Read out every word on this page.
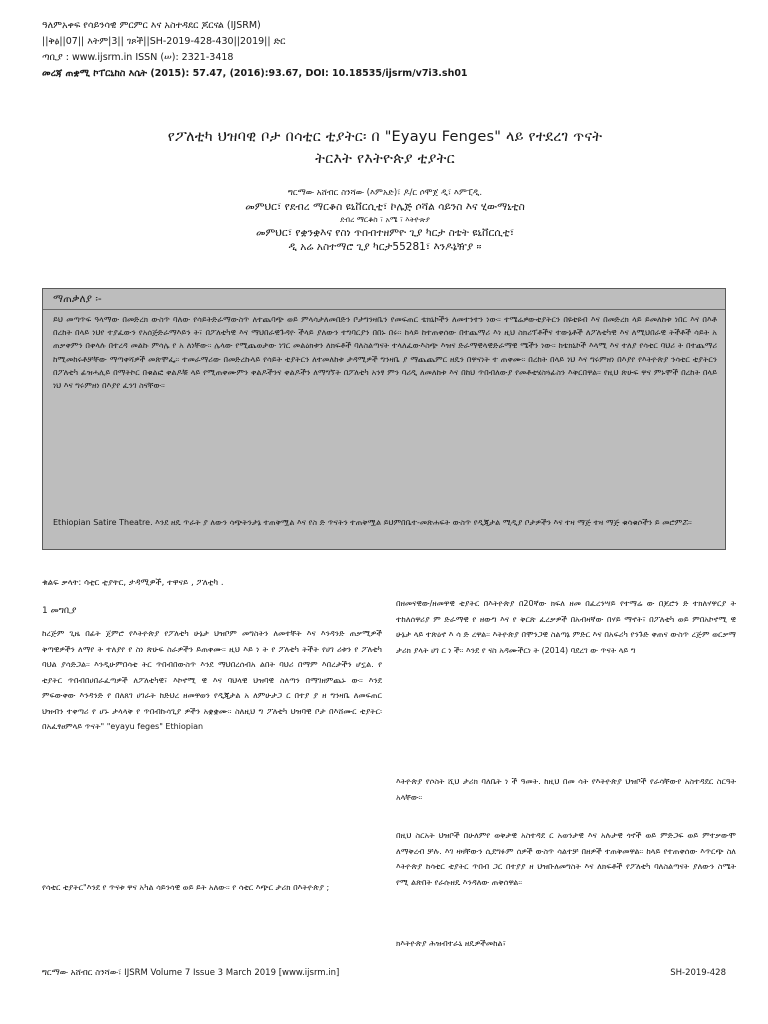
ዓለምአቀፍ የሳይንሳዊ ምርምር እና አስተዳደር ጆርናል (IJSRM)
||ቅፅ||07|| እትም|3|| ገጾች||SH-2019-428-430||2019|| ድር
ጣቢያ : www.ijsrm.in ISSN (ሠ): 2321-3418
መረጃ ጠቋሚ ኮፐርኒከስ እሴት (2015): 57.47, (2016):93.67, DOI: 10.18535/ijsrm/v7i3.sh01
የፖለቲካ ህዝባዊ ቦታ በሳቲር ቲያትር፡ በ "Eyayu Fenges" ላይ የተደረገ ጥናት
ትርእት የእትዮጵያ ቲያትር
ግርማው አሸብር ስንሻው (እምአድ)፣ ዶ/ር ሶሞጀ ዲ፣ እምፒዲ.
መምህር፣ የደብረ ማርቆስ ዩኒቨርሲቲ፣ ኮሌጅ ሶሻል ሳይንስ እና ሂውማኒቲስ
ደብረ ማርቆስ ፣ አሜ ፣ እትዮጵያ
መምህር፣ የቋንቋእና የስነ ጥበብተዘምዮ ጊያ ካርታ ስቴት ዩኒቨርሲቲ፣
ዲ አሬ አስተማሮ ጊያ ካርታ55281፣ እንዶኔዥያ ።
ማጠቃለያ ፡-
ይህ መጣጥፍ ዓላማው በመድረክ ውስጥ ባለው የሳይትድራማውስጥ ለተጨባጭ ወይ ምላሳታለመበድን ቦታግንዛቤን የመፍጠር ቴክኒኮችን ለመተንተን ነው። ተሜሬዎውቲያትርን በዩቲዩብ እና በመድረክ ላይ ይመለከቱ ነበር እና በእቶ በረከት በላይ ነህየ ተያፈውን የአሰጅድራማእይን ት፣ በፖለቲካዊ እና ማህበራዊጉዳዮ ችላይ ያለውን ተግባርያን በበኑ በሩ። ከላይ ከተጠቀሰው በተጨማሪ እነ ዚህ ስክሪፕቶችና ተውኔቶች ለፖለቲካዊ እና ለሚህበራዊ ትችቶች ሳይት አ ጠቃቀምን በቀላሉ በተረዳ መልኩ ምሳሌ የ አ ለነቸው። ሌላው የሚጨወታው ነገር መልዕክቱን ለክፍቶች ባለስልጣናት ተላለፈውእስጭ እዝና ድራማዊላዊድራማዊ ሜችን ነው። ከቴክኒኮች እላሚ እና ተለያ የሳቲር ባህሪ ት በተጨማሪ ከሚመከሩቶቻቸው ማጣቀሻዎች መጽሞፌ። ተመራማሪው በመድረኩላይ የሳይት ቲያትርን ለተመለከቱ ታዳሚዎች ግንዛቤ ያ ማጨጨምር ዘዴን በዋናነት ተ ጠቀሙ። በረከት በላይ ነህ እና ግሩምዘነ በእያየ የእትዮጵያ ንሳቲር ቲያትርን በፖለቲካ ፊዝሓሊይ በማትኮር በቁልፎ ቀልዶቹ ላይ የሚጠቀሙምን ቀልዶችንና ቀልዶችን ለማግኘት በፖለቲካ አንፃ ምን ባሪዲ ለመለከቱ እና በከህ ጥበብለውያ የመቶቲሄስጓፊስን እቅርበዋል። የዚህ ጽሁፍ ዋና ምኑሞች በረከት በላይ ነህ እና ግሩምዘነ በእያየ ፈንገ ስናቸው።
Ethiopian Satire Theatre. እንደ ዘዴ ጥራት ያ ለውን ሳጭትንታኔ ተጠቅሟል እና የስ ድ ጥናትን ተጠቅሟል ይህምበቤተ-መጽሐፍት ውስጥ የዲጂታል ሚዲያ ቦታዎችን እና ተዛ ማጅ ተዛ ማጅ ቁሳቁሶችን ይ መሮምሯ።
ቁልፍ ቃላት: ሳቲር ቲያትር, ታዳሚዎች, ተዋናይ , ፖለቲካ .
1 መግቢያ
ከረጅም ጊዜ በፊት ጀምሮ የእትዮጵያ የፖለቲካ ሁኔታ ህዝቦም መግስትን ለመተቸት እና እንዳንድ ጠቃሚዎች ቅጣዊዎችን ለማየ ት ተለያየ የ ስነ ጽሁፍ ስራዎችን ይጠቀሙ። ዚህ እይ ነ ት የ ፖለቲካ ትችት የሀገ ሪቱን የ ፖለቲካ ባህል ያሳድጋል። እንዲሁምበሳቲ ትር ጥበብበውስጥ እንደ ማህበረሰብአ ልበት ባህሪ በማም እበረታችን ሆኗል. የ ቲያትር ጥበብበሀበራፈጣዎች ለፖለቲካዊ፣ እኮኖሚ ዊ እና ባህላዊ ህዝባዊ ስለጣን በማገዘምጨኑ ው። እንደ ምፍውቀው እንዳንድ የ በለጸገ ሀገራት ከድህረ ዘመዋወን የዲጂታል አ ለምሁታጋ ር በተያ ያ ዘ ግንዛቤ ለመፍጠር ህዝብን ተቀጣሪ የ ሆኑ ታላላቅ የ ጥበብኩሳጊያ ዎችን አቋቋሙ። ስለዚህ ግ ፖለቲካ ህዝባዊ ቦታ በእሸሙር ቲያትር፡ በአፈፃፀምላይ ጥናት" "eyayu feges" Ethiopian
የሳቲር ቲያትር"እንደ የ ጥናቱ ዋና አካል ሳይንሳዊ ወይ ይት አለው። የ ሳቲር እጭር ታሪክ በእትዮጵያ ;
በዘመናዊው/ዘመዋዊ ቲያትር በእትዮጵያ በ20ኛው ክፍለ ዘመ በፈረንሣይ የተማሬ ው በጆሮን ድ ተክለሃዋርያ ት ተከለሰዋሪያ ም ድራማዊ የ ዘውግ እና የ ቅርጽ ፈረቃዎች በአብዛኛው በሃይ ማኖት፣ በፖለቲካ ወይ ምበአኮኖሚ ዊ ሁኔታ ላይ ተጽዕኖ እ ሳ ድ ረዋል። እትዮጵያ በሞንጋዊ ስልጣኔ ምድር እና በአፍሪካ የንጉድ ቀጠና ውስጥ ረጅም ወርቃማ ታሪክ ያላት ሀገ ር ነ ች። እንደ የ ናስ አዳሙችርነ ት (2014) ባደረገ ው ጥናት ላይ ግ
እትዮጵያ የሶስት ሺህ ታሪክ ባለቤት ነ ች ዓመት. ከዚህ በመ ሳት የእትዮጵያ ህዝቦች የራሳቸውየ አስተዳደር ስርዓት አላቸው።
በዚህ ስርአት ህዝቦች በሁለምየ ወቅታዊ አስተዳደ ር አወንታዊ እና አሉታዊ ጎኖች ወይ ምድጋፍ ወይ ምተቃውሞ ለማቅረብ ቻሉ. እገ ዛዛቸውን ሲደግፉም ሰዎች ውስጥ ሳልተቻ በዘዎች ተጠቅመዋል። ከላይ የተጠቀሰው እጥርጭ ስለ እትዮጵያ ከሳቲር ቲያትር ጥበብ ጋር በተያያ ዘ ህዝቡለመግስት እና ለክፍቶች የፖለቲካ ባለስልጣናት ያለውን ስሜት የሚ ልጽበት የራሱዘዴ እንዳለው ጠቅሰዋል።
ክእትዮጵያ ሕዝብተራኒ ዘዴዎችመከል፣
ግርማው አሸብር ስንሻው፣ IJSRM Volume 7 Issue 3 March 2019 [www.ijsrm.in]	SH-2019-428
